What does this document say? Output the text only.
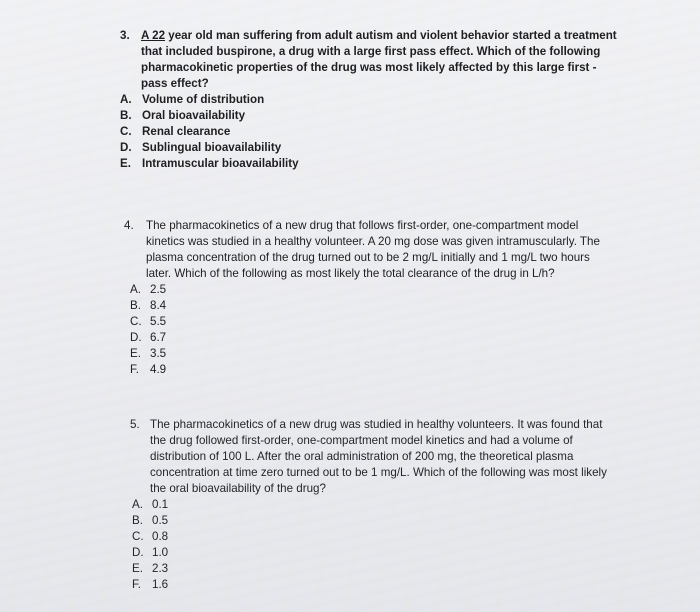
3. A 22 year old man suffering from adult autism and violent behavior started a treatment that included buspirone, a drug with a large first pass effect. Which of the following pharmacokinetic properties of the drug was most likely affected by this large first -pass effect?
A. Volume of distribution
B. Oral bioavailability
C. Renal clearance
D. Sublingual bioavailability
E. Intramuscular bioavailability
4. The pharmacokinetics of a new drug that follows first-order, one-compartment model kinetics was studied in a healthy volunteer. A 20 mg dose was given intramuscularly. The plasma concentration of the drug turned out to be 2 mg/L initially and 1 mg/L two hours later. Which of the following as most likely the total clearance of the drug in L/h?
A. 2.5
B. 8.4
C. 5.5
D. 6.7
E. 3.5
F. 4.9
5. The pharmacokinetics of a new drug was studied in healthy volunteers. It was found that the drug followed first-order, one-compartment model kinetics and had a volume of distribution of 100 L. After the oral administration of 200 mg, the theoretical plasma concentration at time zero turned out to be 1 mg/L. Which of the following was most likely the oral bioavailability of the drug?
A. 0.1
B. 0.5
C. 0.8
D. 1.0
E. 2.3
F. 1.6
